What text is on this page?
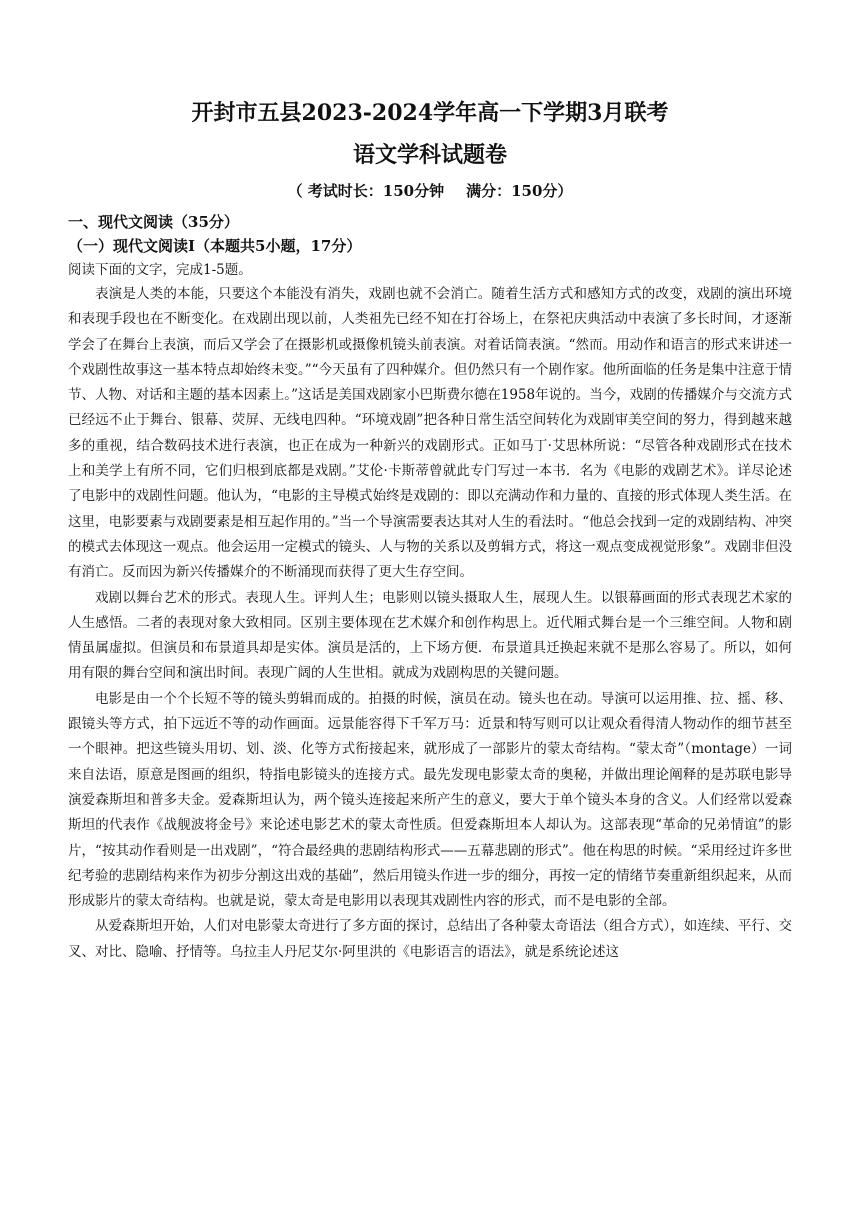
开封市五县2023-2024学年高一下学期3月联考
语文学科试题卷
（ 考试时长：150分钟 满分：150分）
一、现代文阅读（35分）
（一）现代文阅读Ⅰ（本题共5小题，17分）
阅读下面的文字，完成1-5题。

表演是人类的本能，只要这个本能没有消失，戏剧也就不会消亡。随着生活方式和感知方式的改变，戏剧的演出环境和表现手段也在不断变化。在戏剧出现以前，人类祖先已经不知在打谷场上，在祭祀庆典活动中表演了多长时间，才逐渐学会了在舞台上表演，而后又学会了在摄影机或摄像机镜头前表演。对着话筒表演。“然而。用动作和语言的形式来讲述一个戏剧性故事这一基本特点却始终未变。”“今天虽有了四种媒介。但仍然只有一个剧作家。他所面临的任务是集中注意于情节、人物、对话和主题的基本因素上。”这话是美国戏剧家小巴斯费尔德在1958年说的。当今，戏剧的传播媒介与交流方式已经远不止于舞台、银幕、荧屏、无线电四种。“环境戏剧”把各种日常生活空间转化为戏剧审美空间的努力，得到越来越多的重视，结合数码技术进行表演，也正在成为一种新兴的戏剧形式。正如马丁·艾思林所说：“尽管各种戏剧形式在技术上和美学上有所不同，它们归根到底都是戏剧。”艾伦·卡斯蒂曾就此专门写过一本书．名为《电影的戏剧艺术》。详尽论述了电影中的戏剧性问题。他认为，“电影的主导模式始终是戏剧的：即以充满动作和力量的、直接的形式体现人类生活。在这里，电影要素与戏剧要素是相互起作用的。”当一个导演需要表达其对人生的看法时。“他总会找到一定的戏剧结构、冲突的模式去体现这一观点。他会运用一定模式的镜头、人与物的关系以及剪辑方式，将这一观点变成视觉形象”。戏剧非但没有消亡。反而因为新兴传播媒介的不断涌现而获得了更大生存空间。

戏剧以舞台艺术的形式。表现人生。评判人生；电影则以镜头摄取人生，展现人生。以银幕画面的形式表现艺术家的人生感悟。二者的表现对象大致相同。区别主要体现在艺术媒介和创作构思上。近代厢式舞台是一个三维空间。人物和剧情虽属虚拟。但演员和布景道具却是实体。演员是活的，上下场方便．布景道具迁换起来就不是那么容易了。所以，如何用有限的舞台空间和演出时间。表现广阔的人生世相。就成为戏剧构思的关键问题。

电影是由一个个长短不等的镜头剪辑而成的。拍摄的时候，演员在动。镜头也在动。导演可以运用推、拉、摇、移、跟镜头等方式，拍下远近不等的动作画面。远景能容得下千军万马：近景和特写则可以让观众看得清人物动作的细节甚至一个眼神。把这些镜头用切、划、淡、化等方式衔接起来，就形成了一部影片的蒙太奇结构。“蒙太奇”（montage）一词来自法语，原意是图画的组织，特指电影镜头的连接方式。最先发现电影蒙太奇的奥秘，并做出理论阐释的是苏联电影导演爱森斯坦和普多夫金。爱森斯坦认为，两个镜头连接起来所产生的意义，要大于单个镜头本身的含义。人们经常以爱森斯坦的代表作《战舰波将金号》来论述电影艺术的蒙太奇性质。但爱森斯坦本人却认为。这部表现“革命的兄弟情谊”的影片，“按其动作看则是一出戏剧”，“符合最经典的悲剧结构形式——五幕悲剧的形式”。他在构思的时候。“采用经过许多世纪考验的悲剧结构来作为初步分割这出戏的基础”，然后用镜头作进一步的细分，再按一定的情绪节奏重新组织起来，从而形成影片的蒙太奇结构。也就是说，蒙太奇是电影用以表现其戏剧性内容的形式，而不是电影的全部。

从爱森斯坦开始，人们对电影蒙太奇进行了多方面的探讨，总结出了各种蒙太奇语法（组合方式），如连续、平行、交叉、对比、隐喻、抒情等。乌拉圭人丹尼艾尔·阿里洪的《电影语言的语法》，就是系统论述这
